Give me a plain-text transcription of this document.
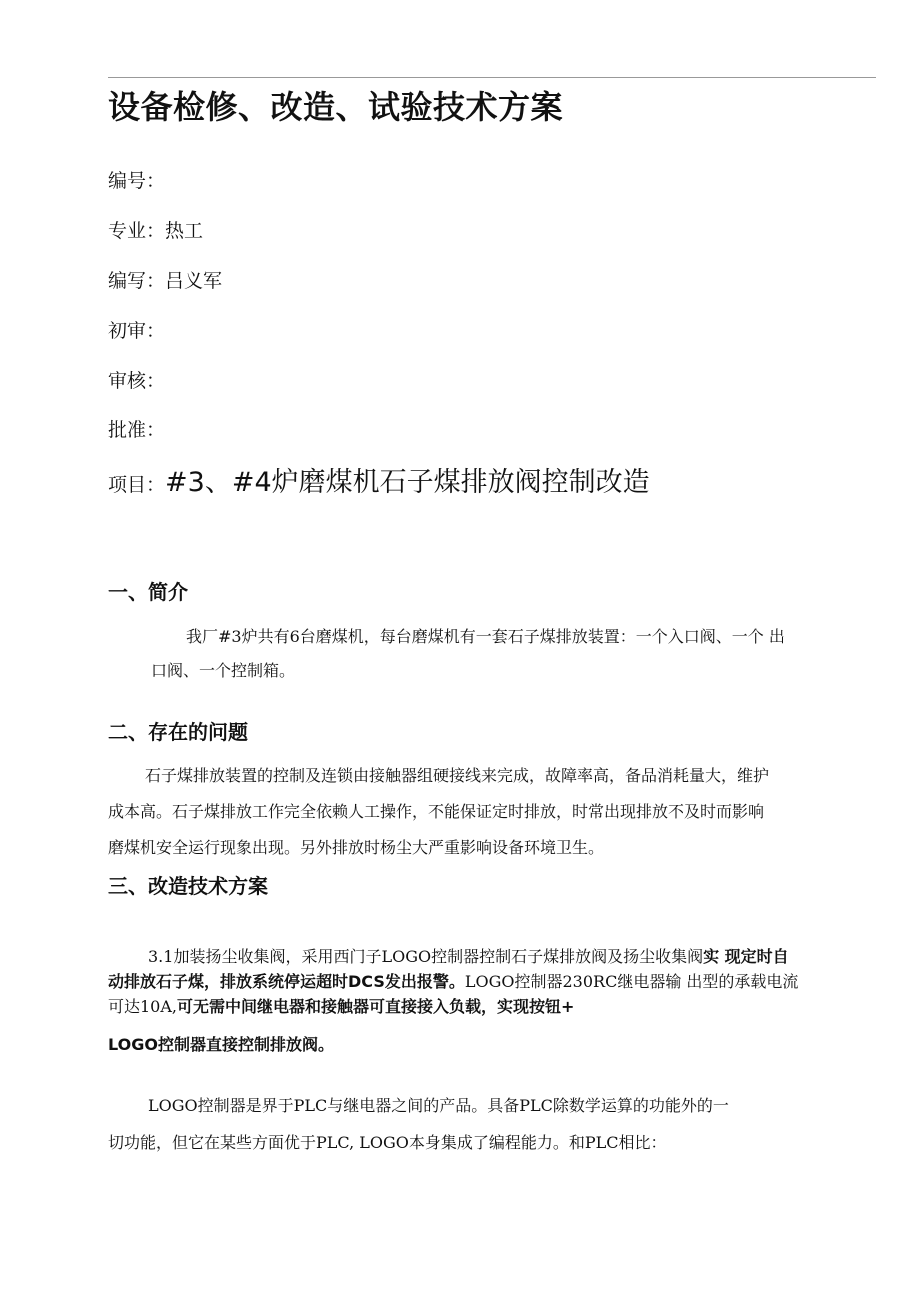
设备检修、改造、试验技术方案
编号：
专业：热工
编写：吕义军
初审：
审核：
批准：
项目：#3、#4炉磨煤机石子煤排放阀控制改造
一、简介
我厂#3炉共有6台磨煤机，每台磨煤机有一套石子煤排放装置：一个入口阀、一个 出
口阀、一个控制箱。
二、存在的问题
石子煤排放装置的控制及连锁由接触器组硬接线来完成，故障率高，备品消耗量大，维护
成本高。石子煤排放工作完全依赖人工操作，不能保证定时排放，时常出现排放不及时而影响
磨煤机安全运行现象出现。另外排放时杨尘大严重影响设备环境卫生。
三、改造技术方案
3.1加装扬尘收集阀，采用西门子LOGO控制器控制石子煤排放阀及扬尘收集阀实 现定时自
动排放石子煤，排放系统停运超时DCS发出报警。LOGO控制器230RC继电器输 出型的承载电流
可达10A,可无需中间继电器和接触器可直接接入负载，实现按钮+
LOGO控制器直接控制排放阀。
LOGO控制器是界于PLC与继电器之间的产品。具备PLC除数学运算的功能外的一
切功能，但它在某些方面优于PLC, LOGO本身集成了编程能力。和PLC相比：
